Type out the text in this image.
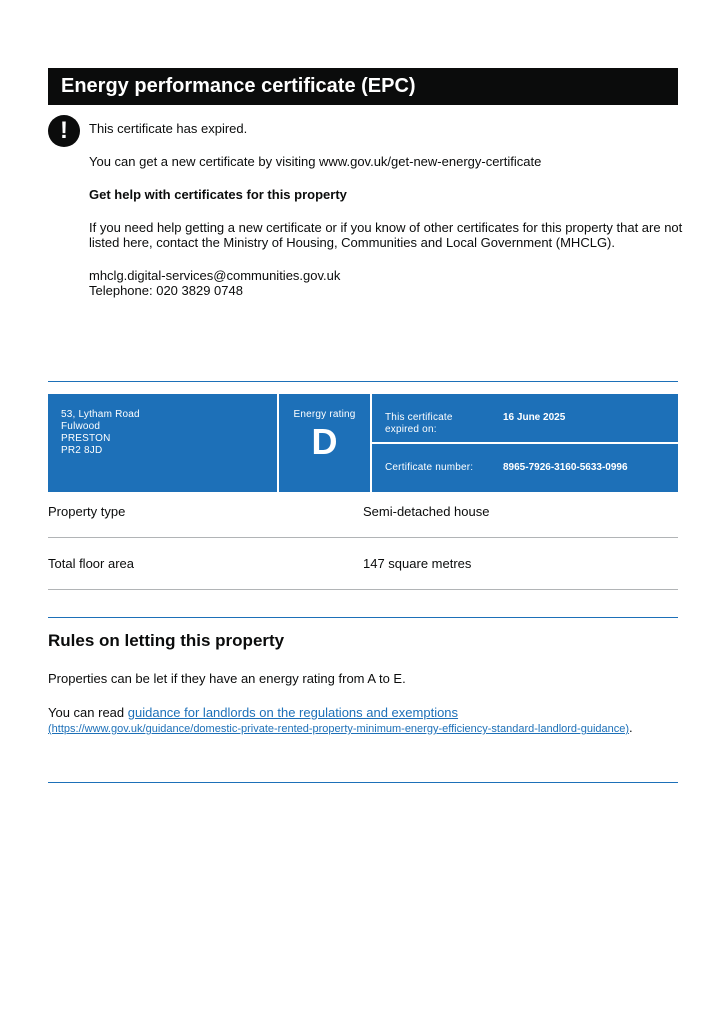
Energy performance certificate (EPC)
!	This certificate has expired.

You can get a new certificate by visiting www.gov.uk/get-new-energy-certificate

Get help with certificates for this property

If you need help getting a new certificate or if you know of other certificates for this property that are not listed here, contact the Ministry of Housing, Communities and Local Government (MHCLG).

mhclg.digital-services@communities.gov.uk
Telephone: 020 3829 0748

53, Lytham Road
Fulwood
PRESTON
PR2 8JD
Energy rating
D
This certificate expired on:
16 June 2025
Certificate number:	8965-7926-3160-5633-0996
Property type	Semi-detached house
Total floor area	147 square metres
Rules on letting this property

Properties can be let if they have an energy rating from A to E.

You can read guidance for landlords on the regulations and exemptions
(https://www.gov.uk/guidance/domestic-private-rented-property-minimum-energy-efficiency-standard-landlord-guidance).
